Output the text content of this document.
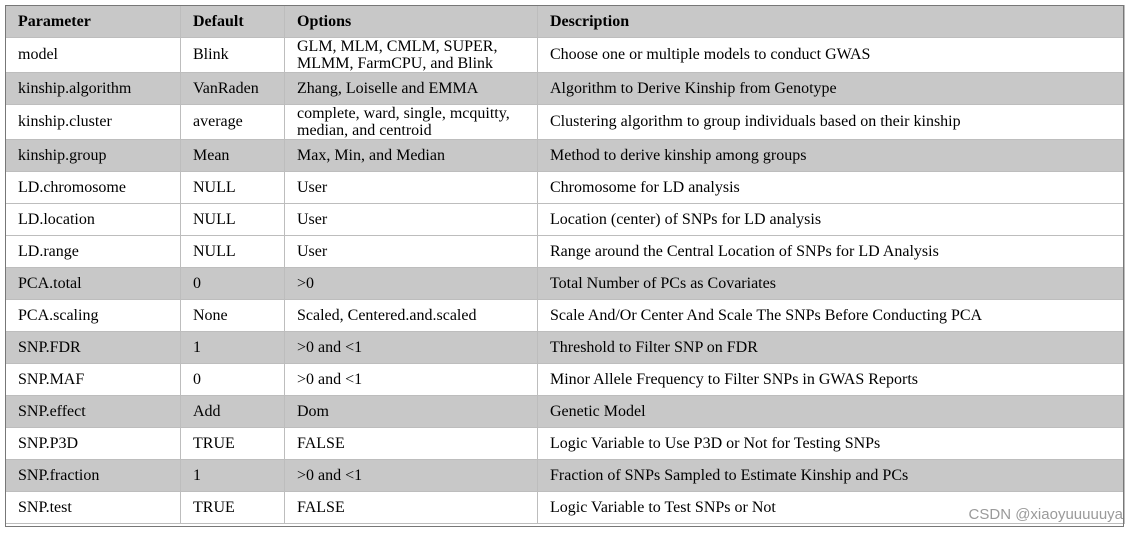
Parameter	Default	Options	Description
model	Blink	GLM, MLM, CMLM, SUPER, MLMM, FarmCPU, and Blink	Choose one or multiple models to conduct GWAS
kinship.algorithm	VanRaden	Zhang, Loiselle and EMMA	Algorithm to Derive Kinship from Genotype
kinship.cluster	average	complete, ward, single, mcquitty, median, and centroid	Clustering algorithm to group individuals based on their kinship
kinship.group	Mean	Max, Min, and Median	Method to derive kinship among groups
LD.chromosome	NULL	User	Chromosome for LD analysis
LD.location	NULL	User	Location (center) of SNPs for LD analysis
LD.range	NULL	User	Range around the Central Location of SNPs for LD Analysis
PCA.total	0	>0	Total Number of PCs as Covariates
PCA.scaling	None	Scaled, Centered.and.scaled	Scale And/Or Center And Scale The SNPs Before Conducting PCA
SNP.FDR	1	>0 and <1	Threshold to Filter SNP on FDR
SNP.MAF	0	>0 and <1	Minor Allele Frequency to Filter SNPs in GWAS Reports
SNP.effect	Add	Dom	Genetic Model
SNP.P3D	TRUE	FALSE	Logic Variable to Use P3D or Not for Testing SNPs
SNP.fraction	1	>0 and <1	Fraction of SNPs Sampled to Estimate Kinship and PCs
SNP.test	TRUE	FALSE	Logic Variable to Test SNPs or Not	CSDN @xiaoyuuuuuya
